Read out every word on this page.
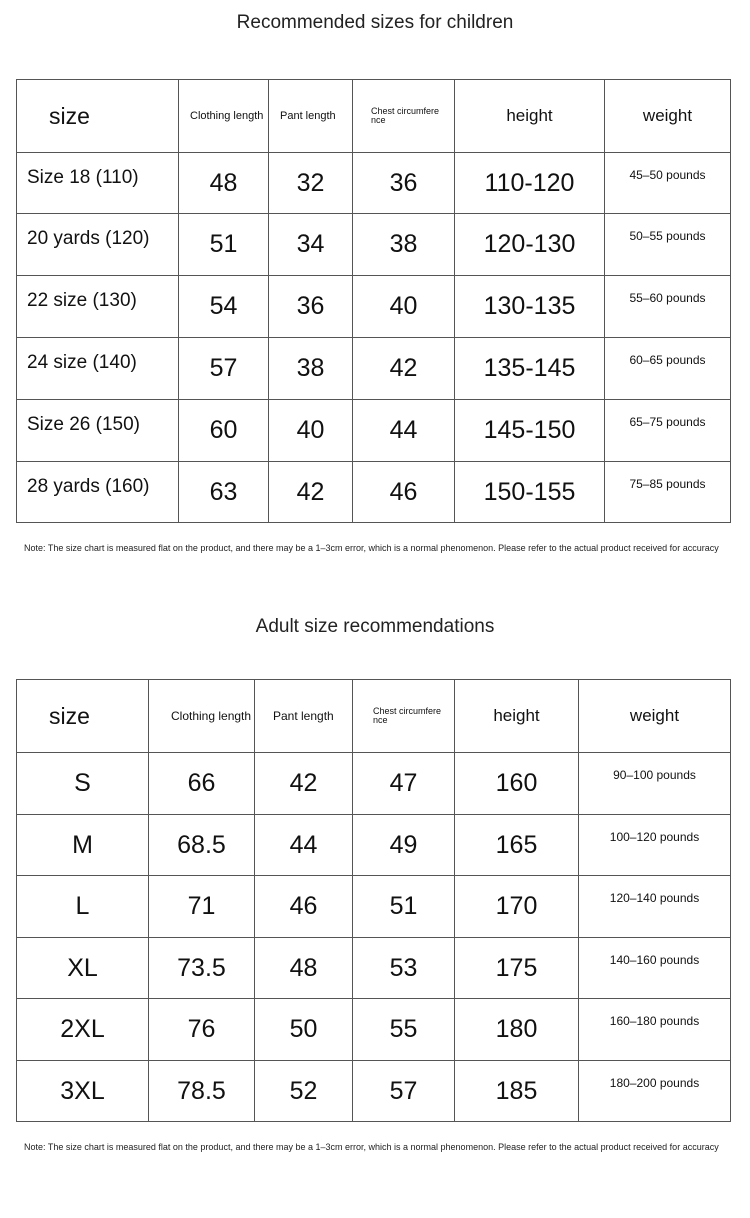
Recommended sizes for children
size	Clothing length	Pant length	Chest circumfere nce	height	weight
Size 18 (110)	48	32	36	110-120	45–50 pounds
20 yards (120)	51	34	38	120-130	50–55 pounds
22 size (130)	54	36	40	130-135	55–60 pounds
24 size (140)	57	38	42	135-145	60–65 pounds
Size 26 (150)	60	40	44	145-150	65–75 pounds
28 yards (160)	63	42	46	150-155	75–85 pounds
Note: The size chart is measured flat on the product, and there may be a 1–3cm error, which is a normal phenomenon. Please refer to the actual product received for accuracy
Adult size recommendations
size	Clothing length	Pant length	Chest circumfere nce	height	weight
S	66	42	47	160	90–100 pounds
M	68.5	44	49	165	100–120 pounds
L	71	46	51	170	120–140 pounds
XL	73.5	48	53	175	140–160 pounds
2XL	76	50	55	180	160–180 pounds
3XL	78.5	52	57	185	180–200 pounds
Note: The size chart is measured flat on the product, and there may be a 1–3cm error, which is a normal phenomenon. Please refer to the actual product received for accuracy
